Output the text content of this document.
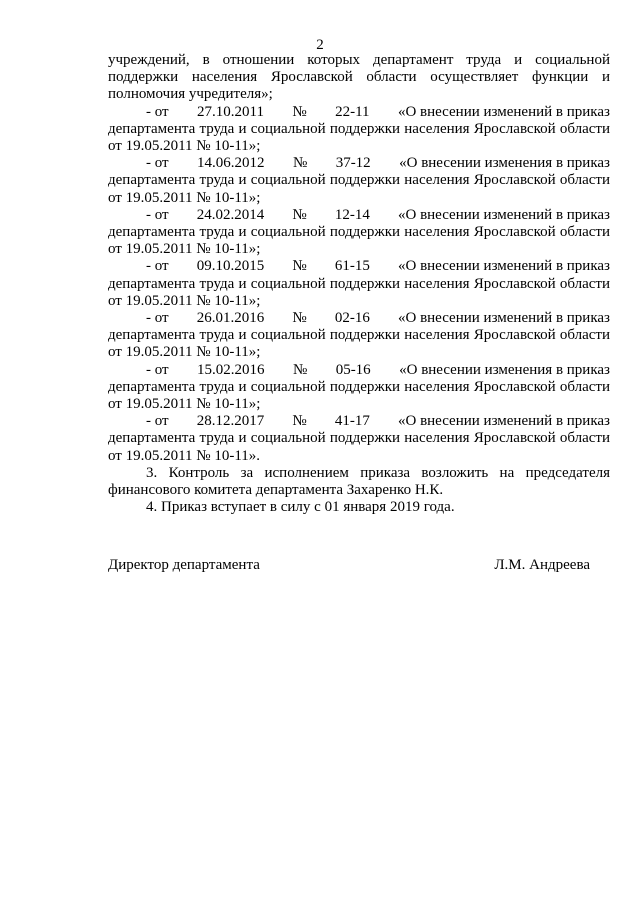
2
учреждений, в отношении которых департамент труда и социальной
поддержки населения Ярославской области осуществляет функции и
полномочия учредителя»;
- от 27.10.2011 № 22-11 «О внесении изменений в приказ
департамента труда и социальной поддержки населения Ярославской области
от 19.05.2011 № 10-11»;
- от 14.06.2012 № 37-12 «О внесении изменения в приказ
департамента труда и социальной поддержки населения Ярославской области
от 19.05.2011 № 10-11»;
- от 24.02.2014 № 12-14 «О внесении изменений в приказ
департамента труда и социальной поддержки населения Ярославской области
от 19.05.2011 № 10-11»;
- от 09.10.2015 № 61-15 «О внесении изменений в приказ
департамента труда и социальной поддержки населения Ярославской области
от 19.05.2011 № 10-11»;
- от 26.01.2016 № 02-16 «О внесении изменений в приказ
департамента труда и социальной поддержки населения Ярославской области
от 19.05.2011 № 10-11»;
- от 15.02.2016 № 05-16 «О внесении изменения в приказ
департамента труда и социальной поддержки населения Ярославской области
от 19.05.2011 № 10-11»;
- от 28.12.2017 № 41-17 «О внесении изменений в приказ
департамента труда и социальной поддержки населения Ярославской области
от 19.05.2011 № 10-11».

3. Контроль за исполнением приказа возложить на председателя финансового комитета департамента Захаренко Н.К.

4. Приказ вступает в силу с 01 января 2019 года.

Директор департамента	Л.М. Андреева
